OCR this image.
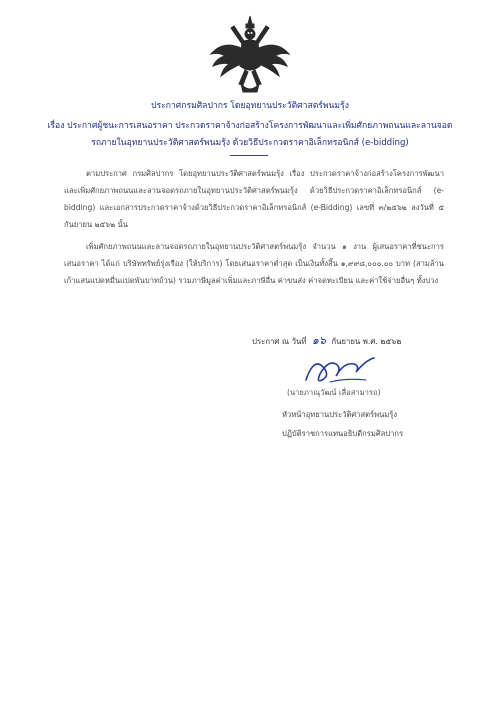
ประกาศกรมศิลปากร โดยอุทยานประวัติศาสตร์พนมรุ้ง
เรื่อง ประกาศผู้ชนะการเสนอราคา ประกวดราคาจ้างก่อสร้างโครงการพัฒนาและเพิ่มศักยภาพถนนและลานจอด
รถภายในอุทยานประวัติศาสตร์พนมรุ้ง ด้วยวิธีประกวดราคาอิเล็กทรอนิกส์ (e-bidding)
ตามประกาศ กรมศิลปากร โดยอุทยานประวัติศาสตร์พนมรุ้ง เรื่อง ประกวดราคาจ้างก่อสร้างโครงการพัฒนาและเพิ่มศักยภาพถนนและลานจอดรถภายในอุทยานประวัติศาสตร์พนมรุ้ง ด้วยวิธีประกวดราคาอิเล็กทรอนิกส์ (e-bidding) และเอกสารประกวดราคาจ้างด้วยวิธีประกวดราคาอิเล็กทรอนิกส์ (e-Bidding) เลขที่ ๓/๒๕๖๒ ลงวันที่ ๕ กันยายน ๒๕๖๒ นั้น
เพิ่มศักยภาพถนนและลานจอดรถภายในอุทยานประวัติศาสตร์พนมรุ้ง จำนวน ๑ งาน ผู้เสนอราคาที่ชนะการเสนอราคา ได้แก่ บริษัททรัพย์รุ่งเรือง (ให้บริการ) โดยเสนอราคาต่ำสุด เป็นเงินทั้งสิ้น ๑,๙๙๘,๐๐๐.๐๐ บาท (สามล้านเก้าแสนแปดหมื่นแปดพันบาทถ้วน) รวมภาษีมูลค่าเพิ่มและภาษีอื่น ค่าขนส่ง ค่าจดทะเบียน และค่าใช้จ่ายอื่นๆ ทั้งปวง
ประกาศ ณ วันที่ ๑๖ กันยายน พ.ศ. ๒๕๖๒
(นายภาณุวัฒน์ เลื่อสามารถ)
หัวหน้าอุทยานประวัติศาสตร์พนมรุ้ง
ปฏิบัติราชการแทนอธิบดีกรมศิลปากร
